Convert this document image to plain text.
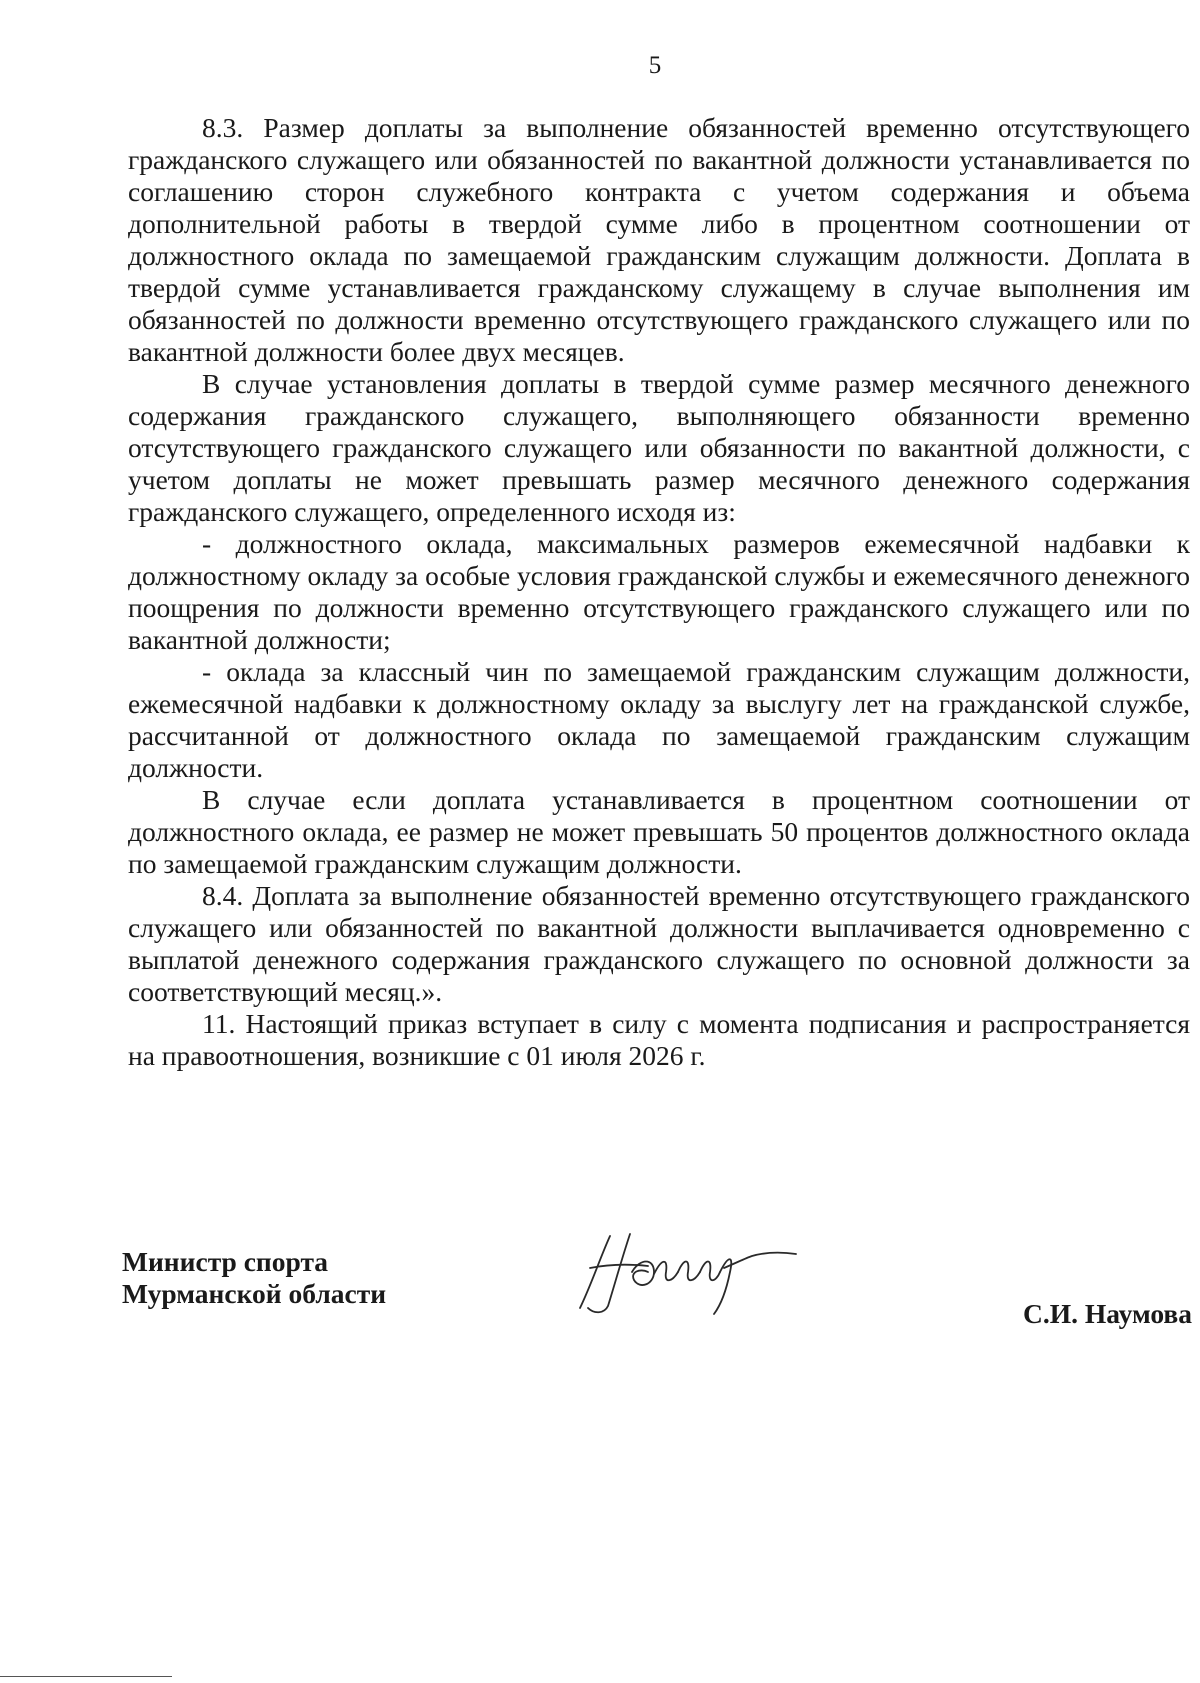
5

8.3. Размер доплаты за выполнение обязанностей временно отсутствующего гражданского служащего или обязанностей по вакантной должности устанавливается по соглашению сторон служебного контракта с учетом содержания и объема дополнительной работы в твердой сумме либо в процентном соотношении от должностного оклада по замещаемой гражданским служащим должности. Доплата в твердой сумме устанавливается гражданскому служащему в случае выполнения им обязанностей по должности временно отсутствующего гражданского служащего или по вакантной должности более двух месяцев.

В случае установления доплаты в твердой сумме размер месячного денежного содержания гражданского служащего, выполняющего обязанности временно отсутствующего гражданского служащего или обязанности по вакантной должности, с учетом доплаты не может превышать размер месячного денежного содержания гражданского служащего, определенного исходя из:

- должностного оклада, максимальных размеров ежемесячной надбавки к должностному окладу за особые условия гражданской службы и ежемесячного денежного поощрения по должности временно отсутствующего гражданского служащего или по вакантной должности;

- оклада за классный чин по замещаемой гражданским служащим должности, ежемесячной надбавки к должностному окладу за выслугу лет на гражданской службе, рассчитанной от должностного оклада по замещаемой гражданским служащим должности.

В случае если доплата устанавливается в процентном соотношении от должностного оклада, ее размер не может превышать 50 процентов должностного оклада по замещаемой гражданским служащим должности.

8.4. Доплата за выполнение обязанностей временно отсутствующего гражданского служащего или обязанностей по вакантной должности выплачивается одновременно с выплатой денежного содержания гражданского служащего по основной должности за соответствующий месяц.».

11. Настоящий приказ вступает в силу с момента подписания и распространяется на правоотношения, возникшие с 01 июля 2026 г.

Министр спорта
Мурманской области
С.И. Наумова
